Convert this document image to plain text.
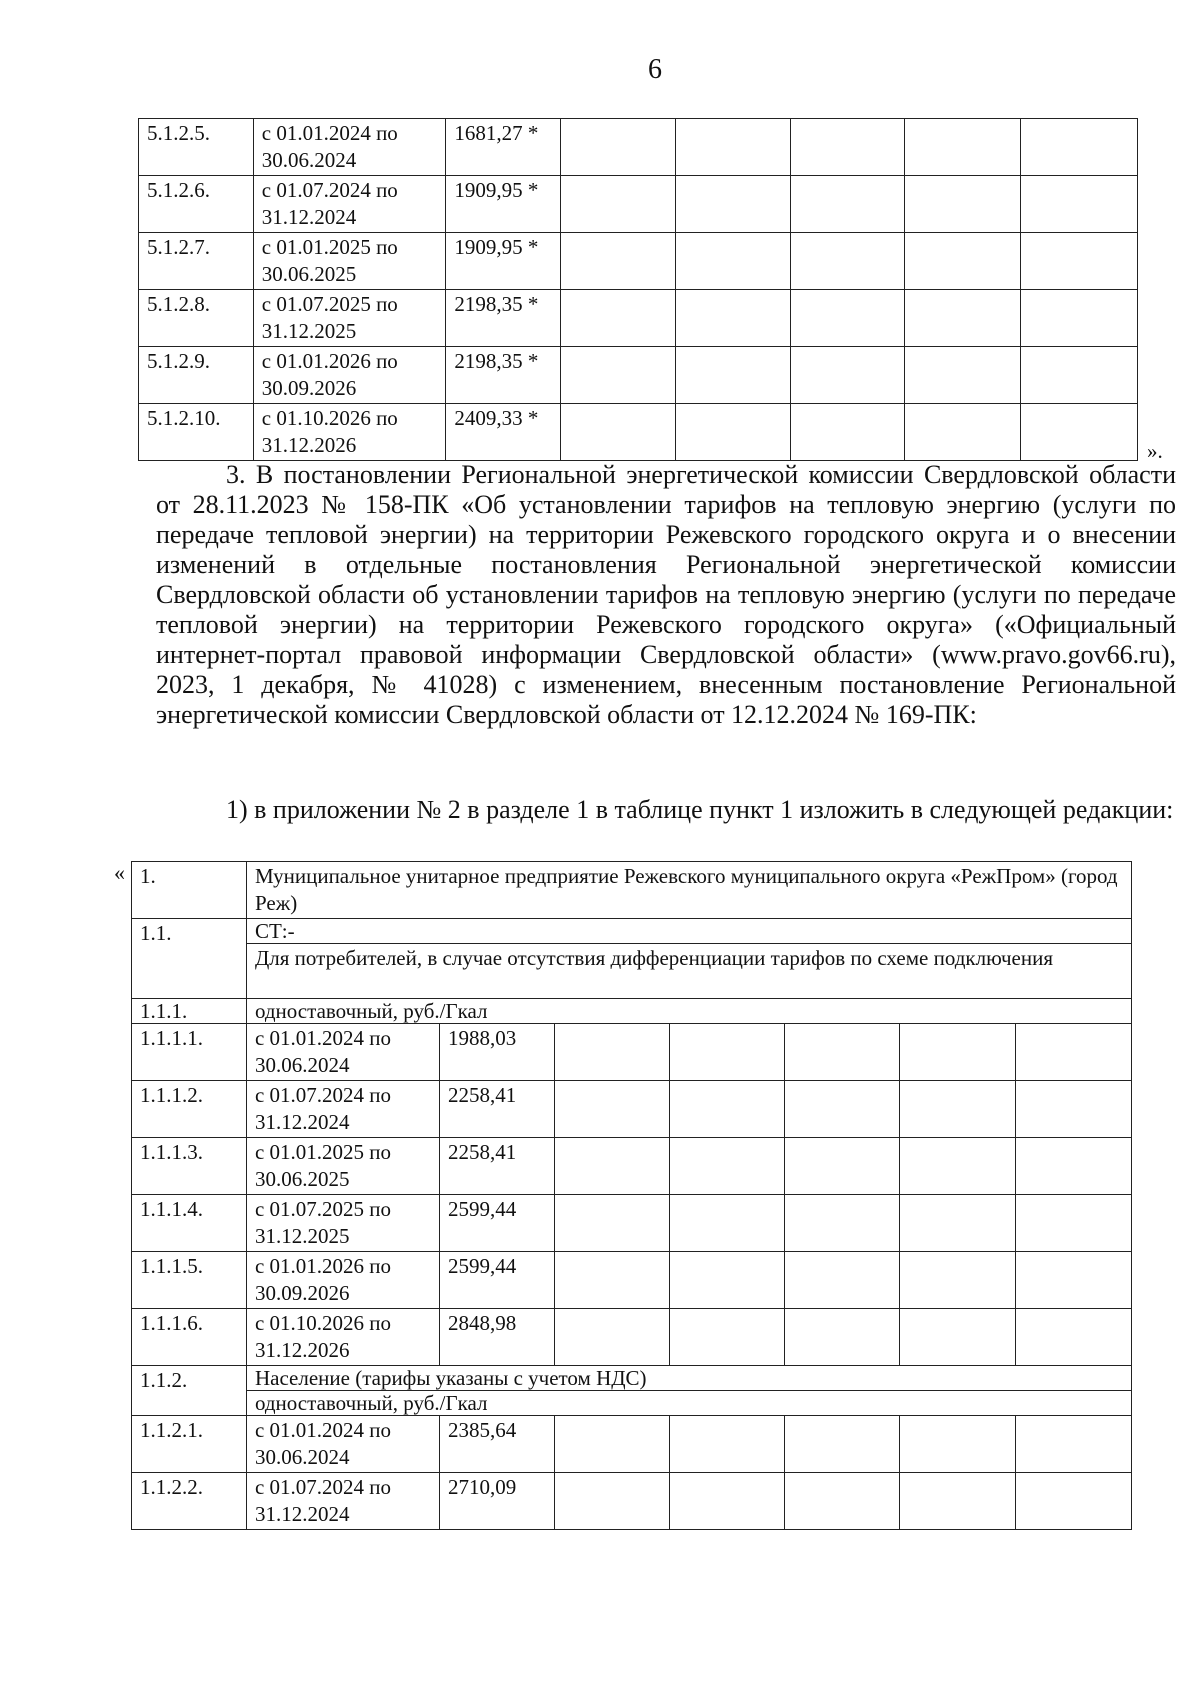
6
5.1.2.5.	с 01.01.2024 по 30.06.2024	1681,27 *					
5.1.2.6.	с 01.07.2024 по 31.12.2024	1909,95 *					
5.1.2.7.	с 01.01.2025 по 30.06.2025	1909,95 *					
5.1.2.8.	с 01.07.2025 по 31.12.2025	2198,35 *					
5.1.2.9.	с 01.01.2026 по 30.09.2026	2198,35 *					
5.1.2.10.	с 01.10.2026 по 31.12.2026	2409,33 *					
».

3. В постановлении Региональной энергетической комиссии Свердловской области от 28.11.2023 № 158-ПК «Об установлении тарифов на тепловую энергию (услуги по передаче тепловой энергии) на территории Режевского городского округа и о внесении изменений в отдельные постановления Региональной энергетической комиссии Свердловской области об установлении тарифов на тепловую энергию (услуги по передаче тепловой энергии) на территории Режевского городского округа» («Официальный интернет-портал правовой информации Свердловской области» (www.pravo.gov66.ru), 2023, 1 декабря, № 41028) с изменением, внесенным постановление Региональной энергетической комиссии Свердловской области от 12.12.2024 № 169-ПК:

1) в приложении № 2 в разделе 1 в таблице пункт 1 изложить в следующей редакции:

« 1.	Муниципальное унитарное предприятие Режевского муниципального округа «РежПром» (город Реж)						
1.1.	СТ:-						
	Для потребителей, в случае отсутствия дифференциации тарифов по схеме подключения						
1.1.1.	одноставочный, руб./Гкал						
1.1.1.1.	с 01.01.2024 по 30.06.2024	1988,03					
1.1.1.2.	с 01.07.2024 по 31.12.2024	2258,41					
1.1.1.3.	с 01.01.2025 по 30.06.2025	2258,41					
1.1.1.4.	с 01.07.2025 по 31.12.2025	2599,44					
1.1.1.5.	с 01.01.2026 по 30.09.2026	2599,44					
1.1.1.6.	с 01.10.2026 по 31.12.2026	2848,98					
1.1.2.	Население (тарифы указаны с учетом НДС)						
	одноставочный, руб./Гкал						
1.1.2.1.	с 01.01.2024 по 30.06.2024	2385,64					
1.1.2.2.	с 01.07.2024 по 31.12.2024	2710,09					
